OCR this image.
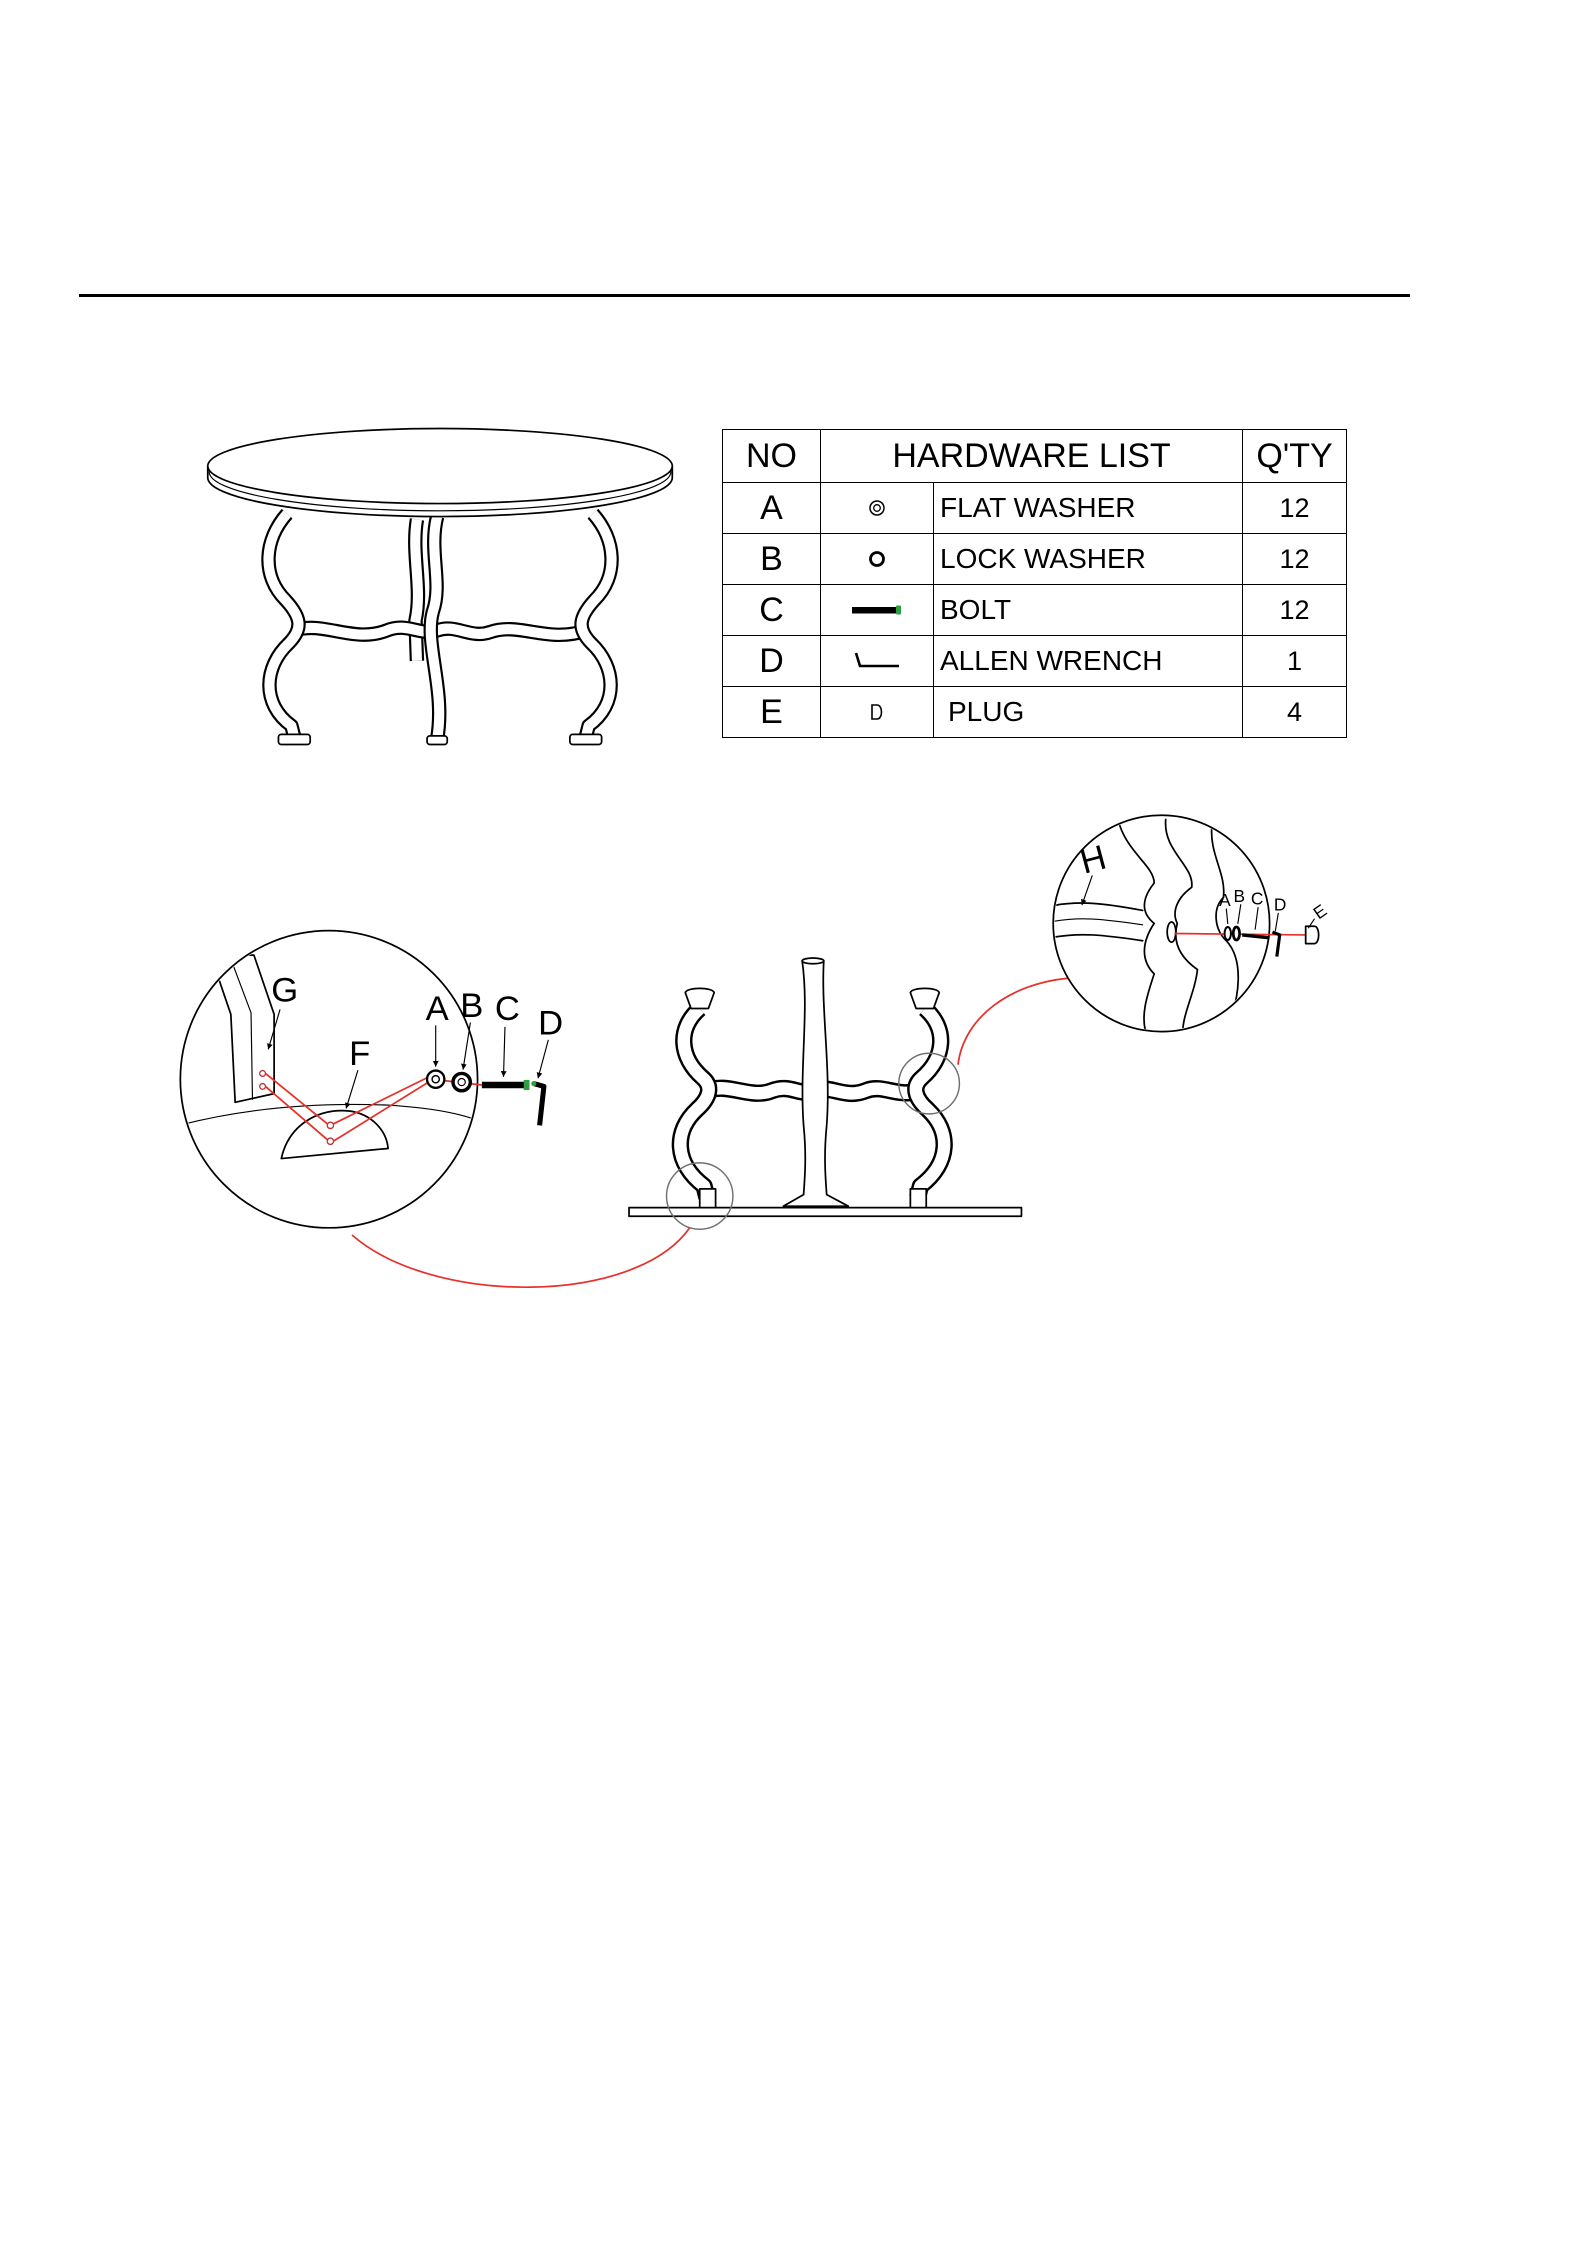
G
F
A B C D
H
A B C D E
NO	HARDWARE LIST		Q'TY
A		FLAT WASHER	12
B		LOCK WASHER	12
C		BOLT	12
D		ALLEN WRENCH	1
E		PLUG	4
